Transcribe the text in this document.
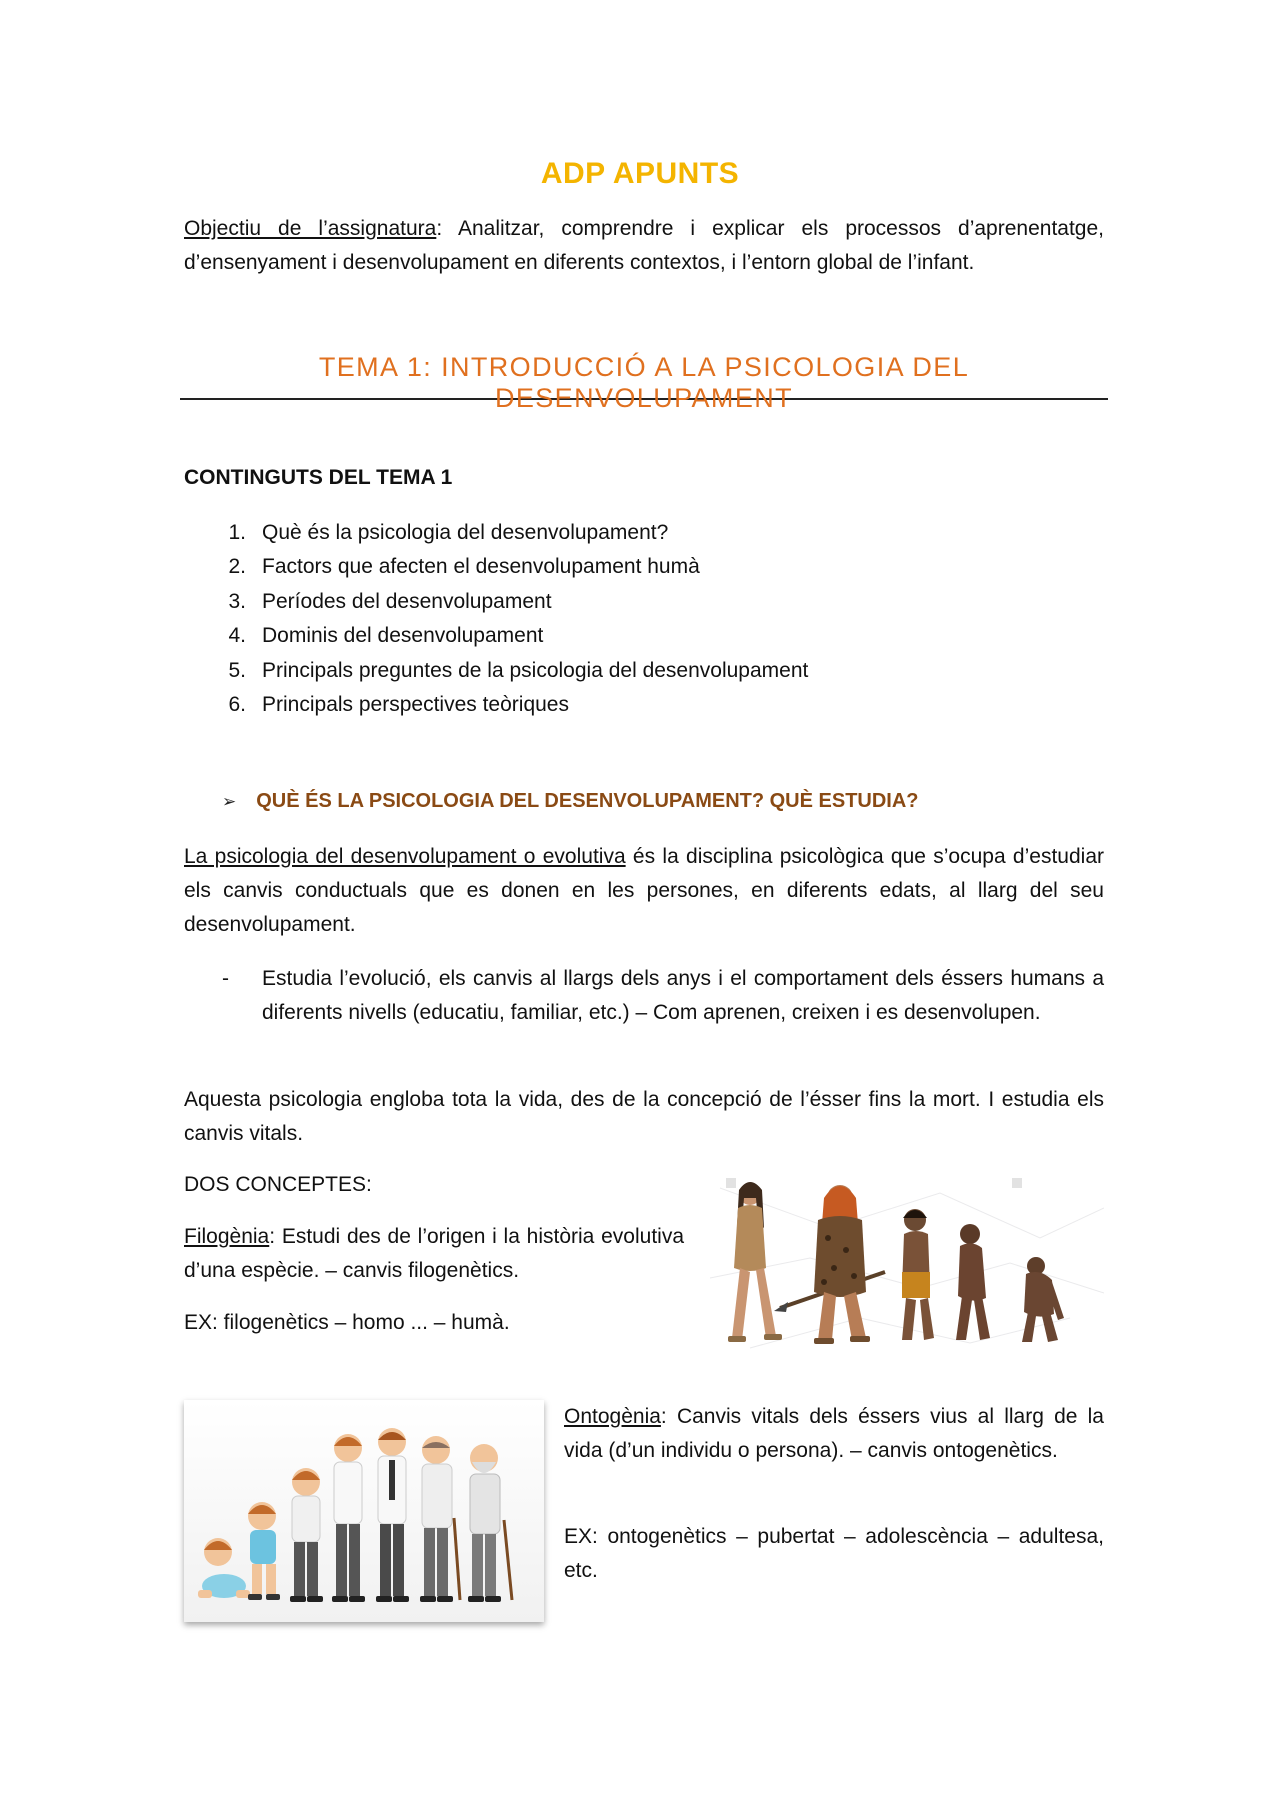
ADP APUNTS
Objectiu de l’assignatura: Analitzar, comprendre i explicar els processos d’aprenentatge, d’ensenyament i desenvolupament en diferents contextos, i l’entorn global de l’infant.
TEMA 1: INTRODUCCIÓ A LA PSICOLOGIA DEL DESENVOLUPAMENT
CONTINGUTS DEL TEMA 1
1. Què és la psicologia del desenvolupament?
2. Factors que afecten el desenvolupament humà
3. Períodes del desenvolupament
4. Dominis del desenvolupament
5. Principals preguntes de la psicologia del desenvolupament
6. Principals perspectives teòriques
➢ QUÈ ÉS LA PSICOLOGIA DEL DESENVOLUPAMENT? QUÈ ESTUDIA?
La psicologia del desenvolupament o evolutiva és la disciplina psicològica que s’ocupa d’estudiar els canvis conductuals que es donen en les persones, en diferents edats, al llarg del seu desenvolupament.
- Estudia l’evolució, els canvis al llargs dels anys i el comportament dels éssers humans a diferents nivells (educatiu, familiar, etc.) – Com aprenen, creixen i es desenvolupen.
Aquesta psicologia engloba tota la vida, des de la concepció de l’ésser fins la mort. I estudia els canvis vitals.
DOS CONCEPTES:
Filogènia: Estudi des de l’origen i la història evolutiva d’una espècie. – canvis filogenètics.
EX: filogenètics – homo ... – humà.
Ontogènia: Canvis vitals dels éssers vius al llarg de la vida (d’un individu o persona). – canvis ontogenètics.
EX: ontogenètics – pubertat – adolescència – adultesa, etc.
